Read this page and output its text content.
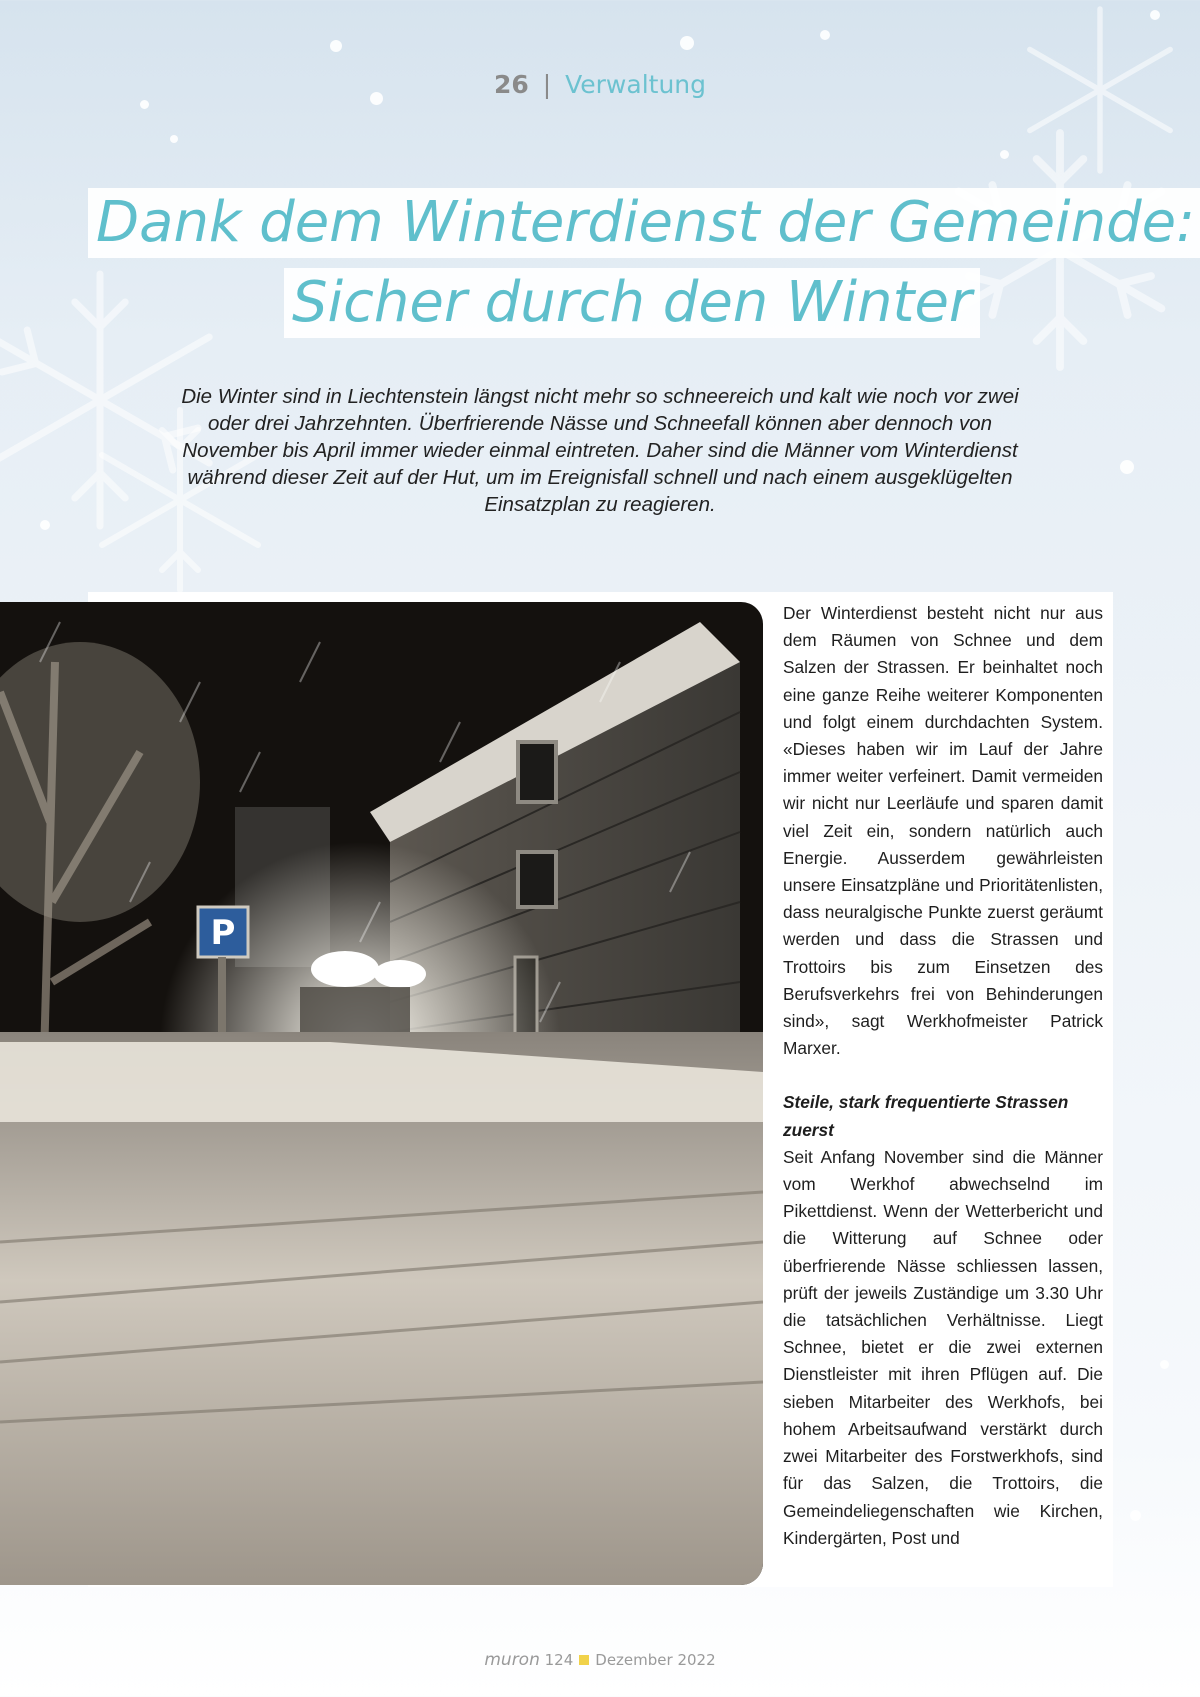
26 | Verwaltung
Dank dem Winterdienst der Gemeinde:
Sicher durch den Winter
Die Winter sind in Liechtenstein längst nicht mehr so schneereich und kalt wie noch vor zwei oder drei Jahrzehnten. Überfrierende Nässe und Schneefall können aber dennoch von November bis April immer wieder einmal eintreten. Daher sind die Männer vom Winterdienst während dieser Zeit auf der Hut, um im Ereignisfall schnell und nach einem ausgeklügelten Einsatzplan zu reagieren.
P

Der Winterdienst besteht nicht nur aus dem Räumen von Schnee und dem Salzen der Strassen. Er beinhaltet noch eine ganze Reihe weiterer Komponenten und folgt einem durchdachten System. «Dieses haben wir im Lauf der Jahre immer weiter verfeinert. Damit vermeiden wir nicht nur Leerläufe und sparen damit viel Zeit ein, sondern natürlich auch Energie. Ausserdem gewährleisten unsere Einsatzpläne und Prioritätenlisten, dass neuralgische Punkte zuerst geräumt werden und dass die Strassen und Trottoirs bis zum Einsetzen des Berufsverkehrs frei von Behinderungen sind», sagt Werkhofmeister Patrick Marxer.

Steile, stark frequentierte Strassen zuerst

Seit Anfang November sind die Männer vom Werkhof abwechselnd im Pikettdienst. Wenn der Wetterbericht und die Witterung auf Schnee oder überfrierende Nässe schliessen lassen, prüft der jeweils Zuständige um 3.30 Uhr die tatsächlichen Verhältnisse. Liegt Schnee, bietet er die zwei externen Dienstleister mit ihren Pflügen auf. Die sieben Mitarbeiter des Werkhofs, bei hohem Arbeitsaufwand verstärkt durch zwei Mitarbeiter des Forstwerkhofs, sind für das Salzen, die Trottoirs, die Gemeindeliegenschaften wie Kirchen, Kindergärten, Post und

muron 124 Dezember 2022
